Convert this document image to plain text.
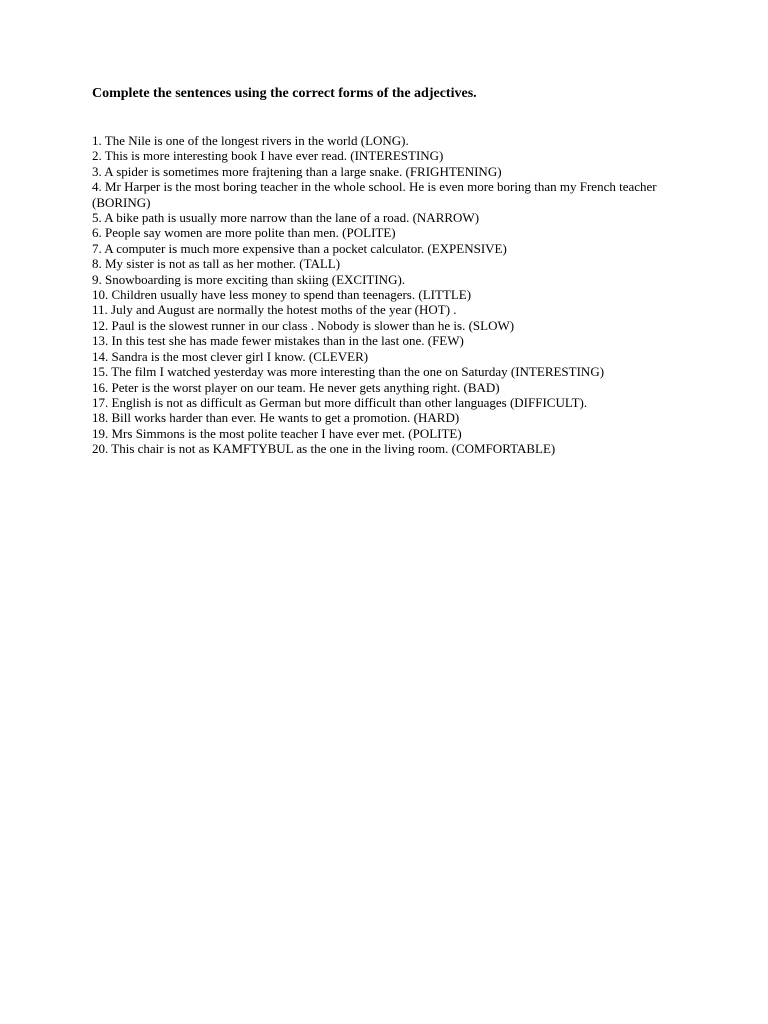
Complete the sentences using the correct forms of the adjectives.
1. The Nile is one of the longest rivers in the world (LONG).
2. This is more interesting book I have ever read. (INTERESTING)
3. A spider is sometimes more frajtening than a large snake. (FRIGHTENING)
4. Mr Harper is the most boring teacher in the whole school. He is even more boring than my French teacher (BORING)
5. A bike path is usually more narrow than the lane of a road. (NARROW)
6. People say women are more polite than men. (POLITE)
7. A computer is much more expensive than a pocket calculator. (EXPENSIVE)
8. My sister is not as tall as her mother. (TALL)
9. Snowboarding is more exciting than skiing (EXCITING).
10. Children usually have less money to spend than teenagers. (LITTLE)
11. July and August are normally the hotest moths of the year (HOT) .
12. Paul is the slowest runner in our class . Nobody is slower than he is. (SLOW)
13. In this test she has made fewer mistakes than in the last one. (FEW)
14. Sandra is the most clever girl I know. (CLEVER)
15. The film I watched yesterday was more interesting than the one on Saturday (INTERESTING)
16. Peter is the worst player on our team. He never gets anything right. (BAD)
17. English is not as difficult as German but more difficult than other languages (DIFFICULT).
18. Bill works harder than ever. He wants to get a promotion. (HARD)
19. Mrs Simmons is the most polite teacher I have ever met. (POLITE)
20. This chair is not as KAMFTYBUL as the one in the living room. (COMFORTABLE)
